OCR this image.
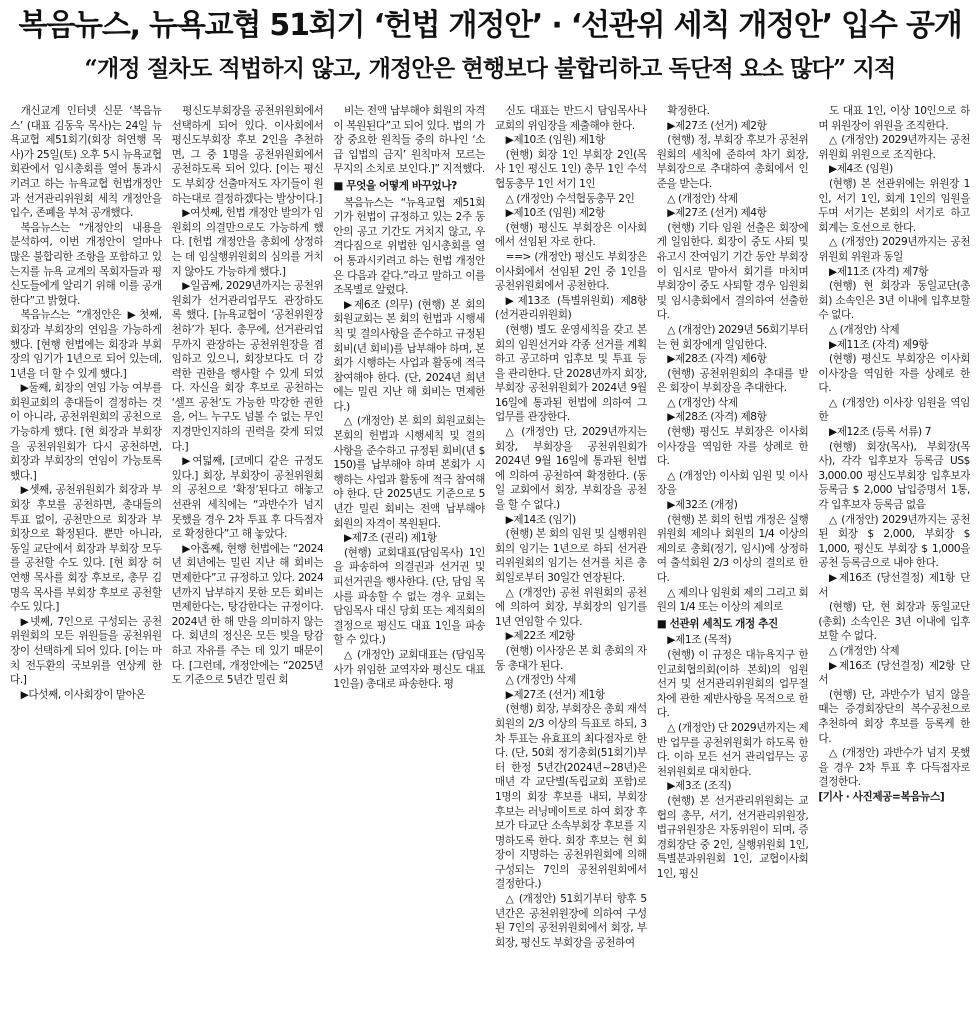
복음뉴스, 뉴욕교협 51회기 ‘헌법 개정안’ · ‘선관위 세칙 개정안’ 입수 공개
“개정 절차도 적법하지 않고, 개정안은 현행보다 불합리하고 독단적 요소 많다” 지적

개신교계 인터넷 신문 ‘복음뉴스’ (대표 김동욱 목사)는 24일 뉴욕교협 제51회기(회장 허연행 목사)가 25일(토) 오후 5시 뉴욕교협 회관에서 임시총회를 열어 통과시키려고 하는 뉴욕교협 헌법개정안과 선거관리위원회 세칙 개정안을 입수, 존폐을 부쳐 공개했다.

복음뉴스는 “개정안의 내용을 분석하여, 이번 개정안이 얼마나 많은 불합리한 조항을 포함하고 있는지를 뉴욕 교계의 목회자들과 평신도들에게 알리기 위해 이를 공개한다”고 밝혔다.

복음뉴스는 “개정안은 ▶첫째, 회장과 부회장의 연임을 가능하게 했다. [현행 헌법에는 회장과 부회장의 임기가 1년으로 되어 있는데, 1년을 더 할 수 있게 했다.]

▶둘째, 회장의 연임 가능 여부를 회원교회의 총대들이 결정하는 것이 아니라, 공천위원회의 공천으로 가능하게 했다. [현 회장과 부회장을 공천위원회가 다시 공천하면, 회장과 부회장의 연임이 가능토록 했다.]

▶셋째, 공천위원회가 회장과 부회장 후보를 공천하면, 총대들의 투표 없이, 공천만으로 회장과 부회장으로 확정된다. 뿐만 아니라, 동일 교단에서 회장과 부회장 모두를 공천할 수도 있다. [현 회장 허연행 목사를 회장 후보로, 총무 김명옥 목사를 부회장 후보로 공천할 수도 있다.]

▶넷째, 7인으로 구성되는 공천위원회의 모든 위원들을 공천위원장이 선택하게 되어 있다. [이는 마치 전두환의 국보위를 연상케 한다.]

▶다섯째, 이사회장이 맡아온

평신도부회장을 공천위원회에서 선택하게 되어 있다. 이사회에서 평신도부회장 후보 2인을 추천하면, 그 중 1명을 공천위원회에서 공천하도록 되어 있다. [이는 평신도 부회장 선출마저도 자기들이 원하는대로 결정하겠다는 발상이다.]

▶여섯째, 헌법 개정안 발의가 임원회의 의결만으로도 가능하게 했다. [헌법 개정안을 총회에 상정하는 데 임실행위원회의 심의를 거치지 않아도 가능하게 했다.]

▶일곱째, 2029년까지는 공천위원회가 선거관리업무도 관장하도록 했다. [뉴욕교협이 ‘공천위원장 천하’가 된다. 총무에, 선거관리업무까지 관장하는 공천위원장을 겸임하고 있으니, 회장보다도 더 강력한 권한을 행사할 수 있게 되었다. 자신을 회장 후보로 공천하는 ‘셀프 공천’도 가능한 막강한 권한을, 어느 누구도 넘볼 수 없는 무인지경만인지하의 권력을 갖게 되었다.]

▶여덟째, [코메디 같은 규정도 있다.] 회장, 부회장이 공천위원회의 공천으로 ‘확정’된다고 해놓고 선관위 세칙에는 “과반수가 넘지 못했을 경우 2차 투표 후 다득점자로 확정한다”고 해 놓았다.

▶아홉째, 현행 헌법에는 “2024년 회년에는 밀린 지난 해 회비는 면제한다”고 규정하고 있다. 2024년까지 납부하지 못한 모든 회비는 면제한다는, 탕감한다는 규정이다. 2024년 한 해 만을 의미하지 않는다. 회년의 정신은 모든 빚을 탕감하고 자유를 주는 데 있기 때문이다. [그런데, 개정안에는 “2025년도 기준으로 5년간 밀린 회

비는 전액 납부해야 회원의 자격이 복원된다”고 되어 있다. 법의 가장 중요한 원칙들 중의 하나인 ‘소급 입법의 금지’ 원칙마저 모르는 무지의 소치로 보인다.]” 지적했다.

■ 무엇을 어떻게 바꾸었나?

복음뉴스는 “뉴욕교협 제51회기가 헌법이 규정하고 있는 2주 동안의 공고 기간도 거치지 않고, 우격다짐으로 위법한 임시총회를 열어 통과시키려고 하는 헌법 개정안은 다음과 같다.”라고 말하고 이를 조목별로 알렸다.

▶제6조 (의무) (현행) 본 회의 회원교회는 본 회의 헌법과 시행세칙 및 결의사항을 준수하고 규정된 회비(년 회비)를 납부해야 하며, 본 회가 시행하는 사업과 활동에 적극 참여해야 한다. (단, 2024년 희년에는 밀린 지난 해 회비는 면제한다.)

△ (개정안) 본 회의 회원교회는 본회의 헌법과 시행세칙 및 결의 사항을 준수하고 규정된 회비(년 $ 150)를 납부해야 하며 본회가 시행하는 사업과 활동에 적극 참여해야 한다. 단 2025년도 기준으로 5년간 밀린 회비는 전액 납부해야 회원의 자격이 복원된다.

▶제7조 (권리) 제1항

(현행) 교회대표(담임목사) 1인을 파송하여 의결권과 선거권 및 피선거권을 행사한다. (단, 담임 목사를 파송할 수 없는 경우 교회는 담임목사 대신 당회 또는 제직회의 결정으로 평신도 대표 1인을 파송할 수 있다.)

△ (개정안) 교회대표는 (담임목사가 위임한 교역자와 평신도 대표 1인을) 총대로 파송한다. 평

신도 대표는 반드시 담임목사나 교회의 위임장을 제출해야 한다.

▶제10조 (임원) 제1항

(현행) 회장 1인 부회장 2인(목사 1인 평신도 1인) 총무 1인 수석협동총무 1인 서기 1인

△ (개정안) 수석협동총무 2인

▶제10조 (임원) 제2항

(현행) 평신도 부회장은 이사회에서 선임된 자로 한다.

==> (개정안) 평신도 부회장은 이사회에서 선임된 2인 중 1인을 공천위원회에서 공천한다.

▶제13조 (특별위원회) 제8항 (선거관리위원회)

(현행) 별도 운영세칙을 갖고 본회의 임원선거와 각종 선거를 계획하고 공고하며 입후보 및 투표 등을 관리한다. 단 2028년까지 회장, 부회장 공천위원회가 2024년 9월 16일에 통과된 헌법에 의하여 그 업무를 관장한다.

△ (개정안) 단, 2029년까지는 회장, 부회장을 공천위원회가 2024년 9월 16일에 통과된 헌법에 의하여 공천하여 확정한다. (동일 교회에서 회장, 부회장을 공천을 할 수 없다.)

▶제14조 (임기)

(현행) 본 회의 임원 및 실행위원회의 임기는 1년으로 하되 선거관리위원회의 임기는 선거를 치른 총회일로부터 30일간 연장된다.

△ (개정안) 공천 위원회의 공천에 의하여 회장, 부회장의 임기를 1년 연임할 수 있다.

▶제22조 제2항

(현행) 이사장은 본 회 총회의 자동 총대가 된다.

△ (개정안) 삭제

▶제27조 (선거) 제1항

(현행) 회장, 부회장은 총회 재석 회원의 2/3 이상의 득표로 하되, 3차 투표는 유효표의 최다점자로 한다. (단, 50회 정기총회(51회기)부터 한정 5년간(2024년~28년)은 매년 각 교단별(독립교회 포함)로 1명의 회장 후보를 내되, 부회장 후보는 러닝메이트로 하여 회장 후보가 타교단 소속부회장 후보를 지명하도록 한다. 회장 후보는 현 회장이 지명하는 공천위원회에 의해 구성되는 7인의 공천위원회에서 결정한다.)

△ (개정안) 51회기부터 향후 5년간은 공천위원장에 의하여 구성된 7인의 공천위원회에서 회장, 부회장, 평신도 부회장을 공천하여

확정한다.

▶제27조 (선거) 제2항

(현행) 정, 부회장 후보가 공천위원회의 세칙에 준하여 차기 회장, 부회장으로 추대하여 총회에서 인준을 받는다.

△ (개정안) 삭제

▶제27조 (선거) 제4항

(현행) 기타 임원 선출은 회장에게 일임한다. 회장이 중도 사퇴 및 유고시 잔여임기 기간 동안 부회장이 임시로 맡아서 회기를 마치며 부회장이 중도 사퇴할 경우 임원회 및 임시총회에서 결의하여 선출한다.

△ (개정안) 2029년 56회기부터는 현 회장에게 일임한다.

▶제28조 (자격) 제6항

(현행) 공천위원회의 추대를 받은 회장이 부회장을 추대한다.

△ (개정안) 삭제

▶제28조 (자격) 제8항

(현행) 평신도 부회장은 이사회 이사장을 역임한 자를 상례로 한다.

△ (개정안) 이사회 임원 및 이사장을

▶제32조 (개정)

(현행) 본 회의 헌법 개정은 실행위원회 제의나 회원의 1/4 이상의 제의로 총회(정기, 임시)에 상정하여 출석회원 2/3 이상의 결의로 한다.

△ 제의나 임원회 제의 그리고 회원의 1/4 또는 이상의 제의로

■ 선관위 세칙도 개정 추진

▶제1조 (목적)

(현행) 이 규정은 대뉴욕지구 한인교회협의회(이하 본회)의 임원 선거 및 선거관리위원회의 업무절차에 관한 제반사항을 목적으로 한다.

△ (개정안) 단 2029년까지는 제반 업무를 공천위원회가 하도록 한다. 이하 모든 선거 관리업무는 공천위원회로 대치한다.

▶제3조 (조직)

(현행) 본 선거관리위원회는 교협의 총무, 서기, 선거관리위원장, 법규위원장은 자동위원이 되며, 증경회장단 중 2인, 실행위원회 1인, 특별분과위원회 1인, 교협이사회 1인, 평신

도 대표 1인, 이상 10인으로 하며 위원장이 위원을 조직한다.

△ (개정안) 2029년까지는 공천위원회 위원으로 조직한다.

▶제4조 (임원)

(현행) 본 선관위에는 위원장 1인, 서기 1인, 회계 1인의 임원을 두며 서기는 본회의 서기로 하고 회계는 호선으로 한다.

△ (개정안) 2029년까지는 공천위원회 위원과 동일

▶제11조 (자격) 제7항

(현행) 현 회장과 동일교단(총회) 소속인은 3년 이내에 입후보할 수 없다.

△ (개정안) 삭제

▶제11조 (자격) 제9항

(현행) 평신도 부회장은 이사회 이사장을 역임한 자를 상례로 한다.

△ (개정안) 이사장 임원을 역임한

▶제12조 (등록 서류) 7

(현행) 회장(목사), 부회장(목사), 각각 입후보자 등록금 US$ 3,000.00 평신도부회장 입후보자 등록금 $ 2,000 납입증명서 1통, 각 입후보자 등록금 없음

△ (개정안) 2029년까지는 공천된 회장 $ 2,000, 부회장 $ 1,000, 평신도 부회장 $ 1,000을 공천 등록금으로 내야 한다.

▶제16조 (당선결정) 제1항 단서

(현행) 단, 현 회장과 동일교단(총회) 소속인은 3년 이내에 입후보할 수 없다.

△ (개정안) 삭제

▶제16조 (당선결정) 제2항 단서

(현행) 단, 과반수가 넘지 않을 때는 증경회장단의 복수공천으로 추천하여 회장 후보를 등록케 한다.

△ (개정안) 과반수가 넘지 못했을 경우 2차 투표 후 다득점자로 결정한다.

[기사 · 사진제공=복음뉴스]
